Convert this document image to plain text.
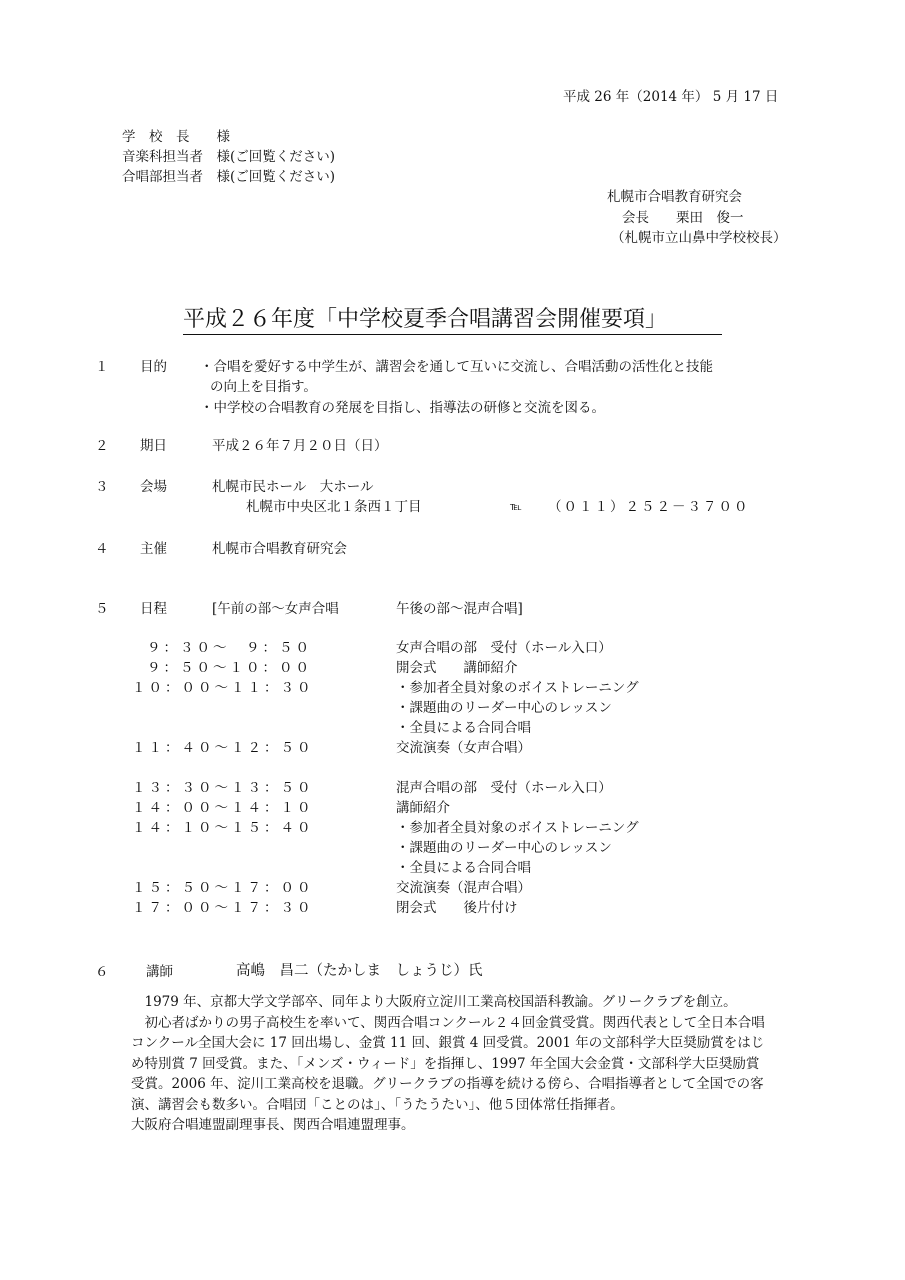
平成 26 年（2014 年） 5 月 17 日
学　校　長　　様
音楽科担当者　様(ご回覧ください)
合唱部担当者　様(ご回覧ください)
札幌市合唱教育研究会
会長　　栗田　俊一
（札幌市立山鼻中学校校長）
平成２６年度「中学校夏季合唱講習会開催要項」
１ 目的 ・合唱を愛好する中学生が、講習会を通して互いに交流し、合唱活動の活性化と技能
の向上を目指す。
・中学校の合唱教育の発展を目指し、指導法の研修と交流を図る。
２ 期日	平成２６年７月２０日（日）
３ 会場	札幌市民ホール　大ホール
札幌市中央区北１条西１丁目	℡ （０１１）２５２－３７００
４ 主催	札幌市合唱教育研究会
５ 日程	[午前の部～女声合唱	午後の部～混声合唱]
９：３０～　９：５０	女声合唱の部　受付（ホール入口）
９：５０～１０：００	開会式　　講師紹介
１０：００～１１：３０	・参加者全員対象のボイストレーニング
・課題曲のリーダー中心のレッスン
・全員による合同合唱
１１：４０～１２：５０	交流演奏（女声合唱）
１３：３０～１３：５０	混声合唱の部　受付（ホール入口）
１４：００～１４：１０	講師紹介
１４：１０～１５：４０	・参加者全員対象のボイストレーニング
・課題曲のリーダー中心のレッスン
・全員による合同合唱
１５：５０～１７：００	交流演奏（混声合唱）
１７：００～１７：３０	閉会式　　後片付け
６	講師	高嶋　昌二（たかしま　しょうじ）氏

1979 年、京都大学文学部卒、同年より大阪府立淀川工業高校国語科教諭。グリークラブを創立。

初心者ばかりの男子高校生を率いて、関西合唱コンクール２４回金賞受賞。関西代表として全日本合唱コンクール全国大会に 17 回出場し、金賞 11 回、銀賞 4 回受賞。2001 年の文部科学大臣奨励賞をはじめ特別賞 7 回受賞。また、「メンズ・ウィード」を指揮し、1997 年全国大会金賞・文部科学大臣奨励賞受賞。2006 年、淀川工業高校を退職。グリークラブの指導を続ける傍ら、合唱指導者として全国での客演、講習会も数多い。合唱団「ことのは」、「うたうたい」、他５団体常任指揮者。

大阪府合唱連盟副理事長、関西合唱連盟理事。
